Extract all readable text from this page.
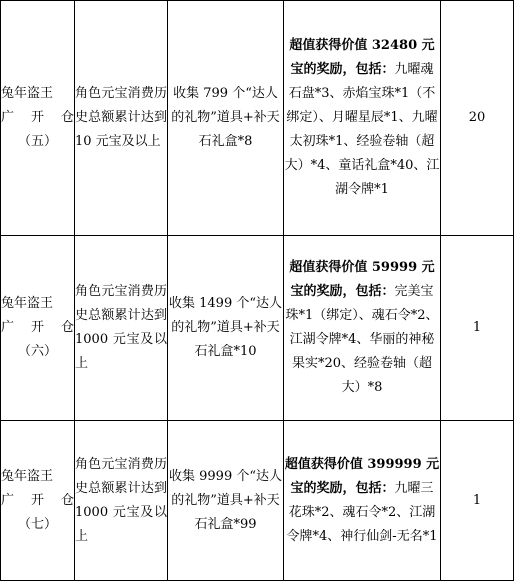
兔年盗王
广开仓
（五）	角色元宝消费历史总额累计达到 10 元宝及以上	收集 799 个“达人的礼物”道具+补天石礼盒*8	超值获得价值 32480 元宝的奖励，包括：九曜魂石盘*3、赤焰宝珠*1（不绑定）、月曜星辰*1、九曜太初珠*1、经验卷轴（超大）*4、童话礼盒*40、江湖令牌*1	20

兔年盗王
广开仓
（六）	角色元宝消费历史总额累计达到 1000 元宝及以上	收集 1499 个“达人的礼物”道具+补天石礼盒*10	超值获得价值 59999 元宝的奖励，包括：完美宝珠*1（绑定）、魂石令*2、江湖令牌*4、华丽的神秘果实*20、经验卷轴（超大）*8	1

兔年盗王
广开仓
（七）	角色元宝消费历史总额累计达到 1000 元宝及以上	收集 9999 个“达人的礼物”道具+补天石礼盒*99	超值获得价值 399999 元宝的奖励，包括：九曜三花珠*2、魂石令*2、江湖令牌*4、神行仙剑-无名*1	1
